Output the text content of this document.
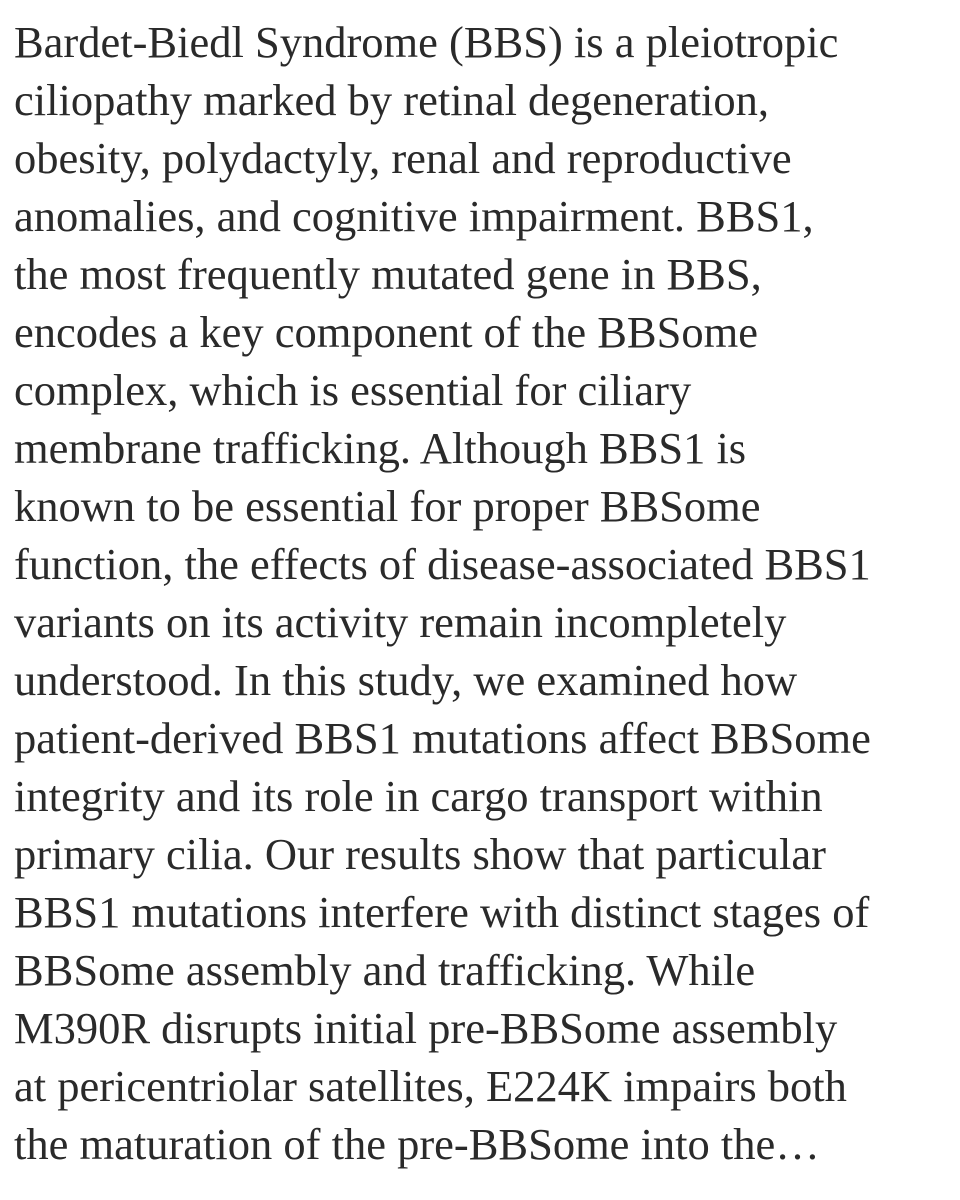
Bardet-Biedl Syndrome (BBS) is a pleiotropic
ciliopathy marked by retinal degeneration,
obesity, polydactyly, renal and reproductive
anomalies, and cognitive impairment. BBS1,
the most frequently mutated gene in BBS,
encodes a key component of the BBSome
complex, which is essential for ciliary
membrane trafficking. Although BBS1 is
known to be essential for proper BBSome
function, the effects of disease-associated BBS1
variants on its activity remain incompletely
understood. In this study, we examined how
patient-derived BBS1 mutations affect BBSome
integrity and its role in cargo transport within
primary cilia. Our results show that particular
BBS1 mutations interfere with distinct stages of
BBSome assembly and trafficking. While
M390R disrupts initial pre-BBSome assembly
at pericentriolar satellites, E224K impairs both
the maturation of the pre-BBSome into the…
